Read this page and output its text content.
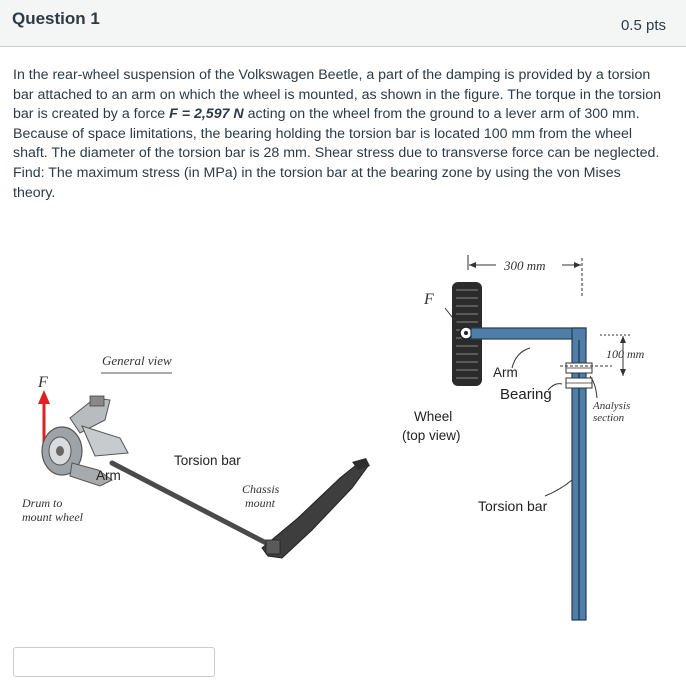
Question 1	0.5 pts

In the rear-wheel suspension of the Volkswagen Beetle, a part of the damping is provided by a torsion bar attached to an arm on which the wheel is mounted, as shown in the figure. The torque in the torsion bar is created by a force F = 2,597 N acting on the wheel from the ground to a lever arm of 300 mm. Because of space limitations, the bearing holding the torsion bar is located 100 mm from the wheel shaft. The diameter of the torsion bar is 28 mm. Shear stress due to transverse force can be neglected.

Find: The maximum stress (in MPa) in the torsion bar at the bearing zone by using the von Mises theory.

General view
F
Drum to
mount wheel
Arm
Torsion bar
Chassis
mount
300 mm
F
100 mm
Arm
Bearing
Analysis
section
Wheel
(top view)
Torsion bar
